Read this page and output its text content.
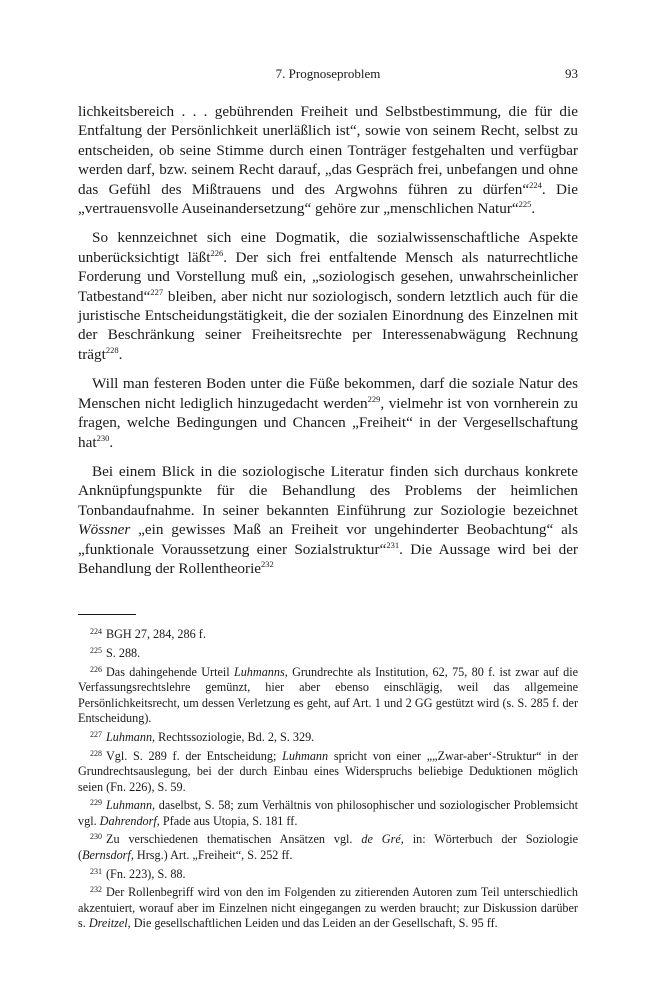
7. Prognoseproblem	93

lichkeitsbereich . . . gebührenden Freiheit und Selbstbestimmung, die für die Entfaltung der Persönlichkeit unerläßlich ist“, sowie von seinem Recht, selbst zu entscheiden, ob seine Stimme durch einen Tonträger festgehalten und verfügbar werden darf, bzw. seinem Recht darauf, „das Gespräch frei, unbefangen und ohne das Gefühl des Mißtrauens und des Argwohns führen zu dürfen“$^{224}$. Die „vertrauensvolle Auseinandersetzung“ gehöre zur „menschlichen Natur“$^{225}$.

So kennzeichnet sich eine Dogmatik, die sozialwissenschaftliche Aspekte unberücksichtigt läßt$^{226}$. Der sich frei entfaltende Mensch als naturrechtliche Forderung und Vorstellung muß ein, „soziologisch gesehen, unwahrscheinlicher Tatbestand“$^{227}$ bleiben, aber nicht nur soziologisch, sondern letztlich auch für die juristische Entscheidungstätigkeit, die der sozialen Einordnung des Einzelnen mit der Beschränkung seiner Freiheitsrechte per Interessenabwägung Rechnung trägt$^{228}$.

Will man festeren Boden unter die Füße bekommen, darf die soziale Natur des Menschen nicht lediglich hinzugedacht werden$^{229}$, vielmehr ist von vornherein zu fragen, welche Bedingungen und Chancen „Freiheit“ in der Vergesellschaftung hat$^{230}$.

Bei einem Blick in die soziologische Literatur finden sich durchaus konkrete Anknüpfungspunkte für die Behandlung des Problems der heimlichen Tonbandaufnahme. In seiner bekannten Einführung zur Soziologie bezeichnet Wössner „ein gewisses Maß an Freiheit vor ungehinderter Beobachtung“ als „funktionale Voraussetzung einer Sozialstruktur“$^{231}$. Die Aussage wird bei der Behandlung der Rollentheorie$^{232}$

$^{224}$ BGH 27, 284, 286 f.

$^{225}$ S. 288.

$^{226}$ Das dahingehende Urteil Luhmanns, Grundrechte als Institution, 62, 75, 80 f. ist zwar auf die Verfassungsrechtslehre gemünzt, hier aber ebenso einschlägig, weil das allgemeine Persönlichkeitsrecht, um dessen Verletzung es geht, auf Art. 1 und 2 GG gestützt wird (s. S. 285 f. der Entscheidung).

$^{227}$ Luhmann, Rechtssoziologie, Bd. 2, S. 329.

$^{228}$ Vgl. S. 289 f. der Entscheidung; Luhmann spricht von einer „„Zwar-aber‘-Struktur“ in der Grundrechtsauslegung, bei der durch Einbau eines Widerspruchs beliebige Deduktionen möglich seien (Fn. 226), S. 59.

$^{229}$ Luhmann, daselbst, S. 58; zum Verhältnis von philosophischer und soziologischer Problemsicht vgl. Dahrendorf, Pfade aus Utopia, S. 181 ff.

$^{230}$ Zu verschiedenen thematischen Ansätzen vgl. de Gré, in: Wörterbuch der Soziologie (Bernsdorf, Hrsg.) Art. „Freiheit“, S. 252 ff.

$^{231}$ (Fn. 223), S. 88.

$^{232}$ Der Rollenbegriff wird von den im Folgenden zu zitierenden Autoren zum Teil unterschiedlich akzentuiert, worauf aber im Einzelnen nicht eingegangen zu werden braucht; zur Diskussion darüber s. Dreitzel, Die gesellschaftlichen Leiden und das Leiden an der Gesellschaft, S. 95 ff.
